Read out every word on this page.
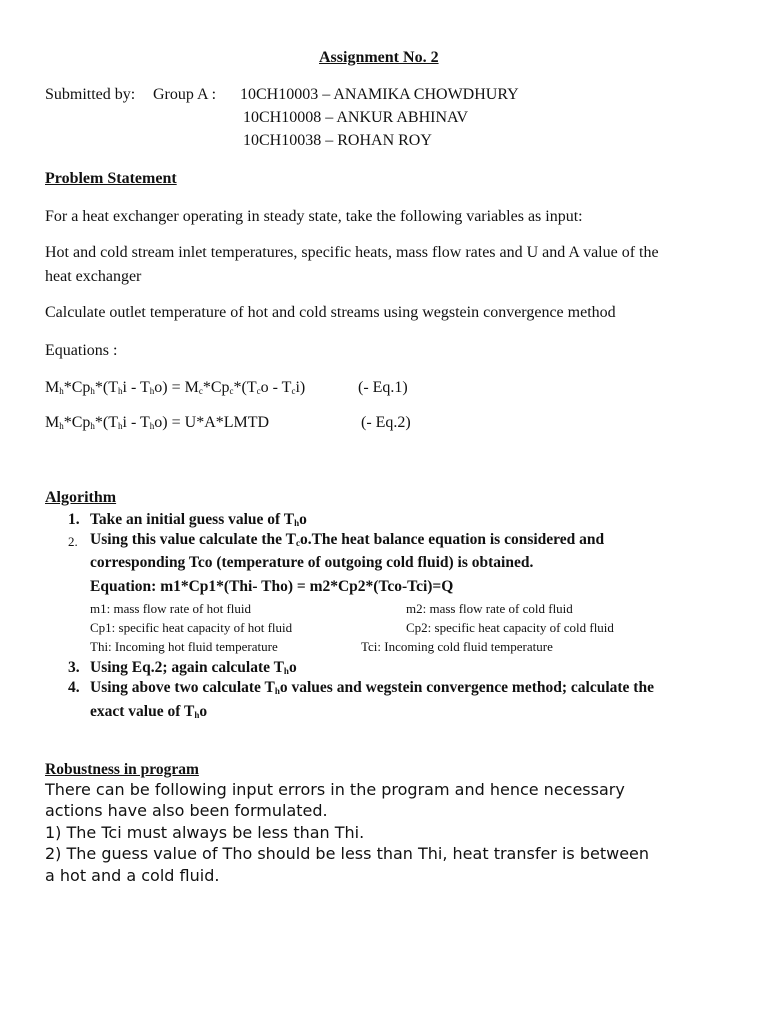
Assignment No. 2
Submitted by: Group A : 10CH10003 – ANAMIKA CHOWDHURY
10CH10008 – ANKUR ABHINAV
10CH10038 – ROHAN ROY
Problem Statement
For a heat exchanger operating in steady state, take the following variables as input:
Hot and cold stream inlet temperatures, specific heats, mass flow rates and U and A value of the
heat exchanger
Calculate outlet temperature of hot and cold streams using wegstein convergence method
Equations :
$M_h*Cp_h*(T_hi - T_ho) = M_c*Cp_c*(T_co - T_ci)$	(- Eq.1)
$M_h*Cp_h*(T_hi - T_ho)$ = U*A*LMTD	(- Eq.2)
Algorithm
1. Take an initial guess value of $T_ho$
2. Using this value calculate the $T_co.The$ heat balance equation is considered and
corresponding Tco (temperature of outgoing cold fluid) is obtained.
Equation: m1*Cp1*(Thi- Tho) = m2*Cp2*(Tco-Tci)=Q
m1: mass flow rate of hot fluid	m2: mass flow rate of cold fluid
Cp1: specific heat capacity of hot fluid	Cp2: specific heat capacity of cold fluid
Thi: Incoming hot fluid temperature	Tci: Incoming cold fluid temperature
3. Using Eq.2; again calculate $T_ho$
4. Using above two calculate $T_ho$ values and wegstein convergence method; calculate the
exact value of $T_ho$
Robustness in program
There can be following input errors in the program and hence necessary
actions have also been formulated.
1) The Tci must always be less than Thi.
2) The guess value of Tho should be less than Thi, heat transfer is between
a hot and a cold fluid.
